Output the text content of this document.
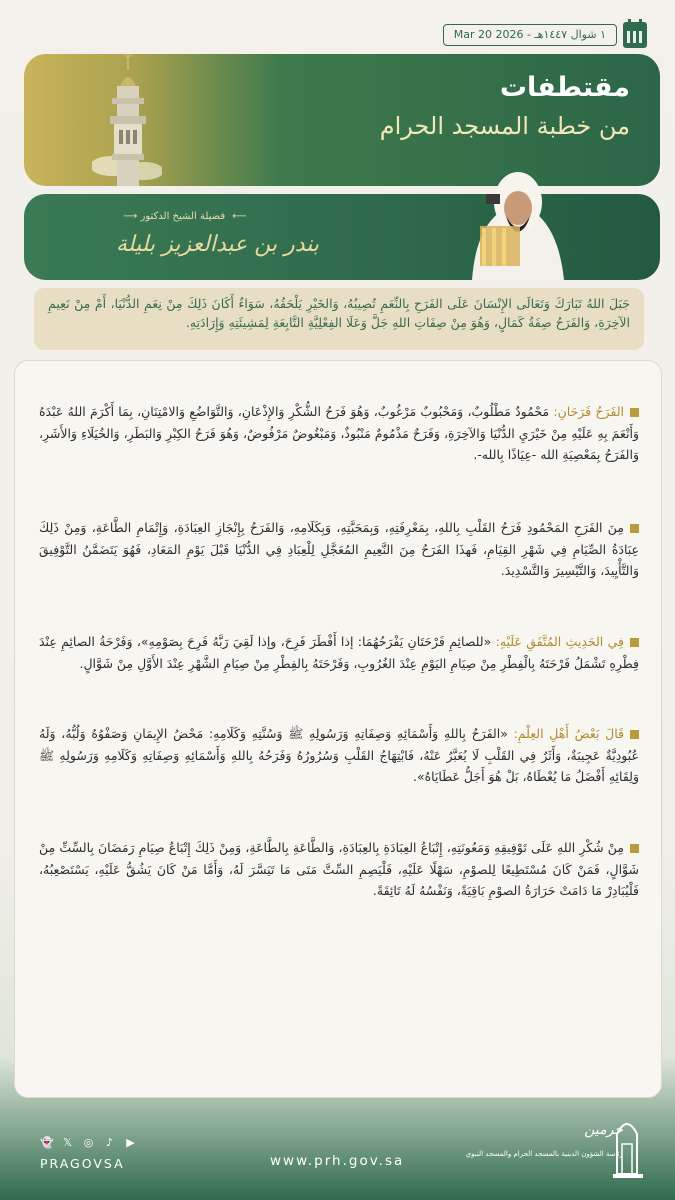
١ شوال ١٤٤٧هـ - 2026 Mar 20
مقتطفات
من خطبة المسجد الحرام
⟵ فضيلة الشيخ الدكتور ⟶
بندر بن عبدالعزيز بليلة
جَبَلَ اللهُ تَبَارَكَ وَتَعَالَى الإِنْسَانَ عَلَى الفَرَحِ بِالنِّعَمِ تُصِيبُهُ، وَالخَيْرِ يَلْحَقُهُ، سَوَاءٌ أَكَانَ ذَلِكَ مِنْ نِعَمِ الدُّنْيَا، أَمْ مِنْ نَعِيمِ الآخِرَةِ، وَالفَرَحُ صِفَةُ كَمَالٍ، وَهُوَ مِنْ صِفَاتِ اللهِ جَلَّ وَعَلَا الفِعْلِيَّةِ التَّابِعَةِ لِمَشِيئَتِهِ وَإِرَادَتِهِ.
الفَرَحُ فَرَحَانِ: مَحْمُودٌ مَطْلُوبٌ، وَمَحْبُوبٌ مَرْغُوبٌ، وَهُوَ فَرَحُ الشُّكْرِ وَالإِذْعَانِ، وَالتَّوَاضُعِ وَالامْتِنَانِ، بِمَا أَكْرَمَ اللهُ عَبْدَهُ وَأَنْعَمَ بِهِ عَلَيْهِ مِنْ خَيْرَيِ الدُّنْيَا وَالآخِرَةِ، وَفَرَحٌ مَذْمُومٌ مَنْبُوذٌ، وَمَبْغُوضٌ مَرْفُوضٌ، وَهُوَ فَرَحُ الكِبْرِ وَالبَطَرِ، وَالخُيَلَاءِ وَالأَشَرِ، وَالفَرَحُ بِمَعْصِيَةِ الله -عِيَاذًا بِالله-.
مِنَ الفَرَحِ المَحْمُودِ فَرَحُ القَلْبِ بِاللهِ، بِمَعْرِفَتِهِ، وَبِمَحَبَّتِهِ، وَبِكَلَامِهِ، وَالفَرَحُ بِإِنْجَازِ العِبَادَةِ، وَإِتْمَامِ الطَّاعَةِ، وَمِنْ ذَلِكَ عِبَادَةُ الصِّيَامِ فِي شَهْرِ القِيَامِ، فَهذَا الفَرَحُ مِنَ النَّعِيمِ المُعَجَّلِ لِلْعِبَادِ فِي الدُّنْيَا قَبْلَ يَوْمِ المَعَادِ، فَهُوَ يَتَضَمَّنُ التَّوْفِيقَ وَالتَّأْيِيدَ، وَالتَّيْسِيرَ وَالتَّسْدِيدَ.
فِي الحَدِيثِ المُتَّفَقِ عَلَيْهِ: «للصائِمِ فَرْحَتَانِ يَفْرَحُهُمَا: إذا أَفْطَرَ فَرِحَ، وإذا لَقِيَ رَبَّهُ فَرِحَ بِصَوْمِهِ»، وَفَرْحَةُ الصائِمِ عِنْدَ فِطْرِهِ تَشْمَلُ فَرْحَتَهُ بِالْفِطْرِ مِنْ صِيَامِ اليَوْمِ عِنْدَ الغُرُوبِ، وَفَرْحَتَهُ بِالفِطْرِ مِنْ صِيَامِ الشَّهْرِ عِنْدَ الأَوَّلِ مِنْ شَوَّالٍ.
قَالَ بَعْضُ أَهْلِ العِلْمِ: «الفَرَحُ بِاللهِ وَأَسْمَائِهِ وَصِفَاتِهِ وَرَسُولِهِ ﷺ وَسُنَّتِهِ وَكَلَامِهِ: مَحْضُ الإِيمَانِ وَصَفْوُهُ وَلُبُّهُ، وَلَهُ عُبُودِيَّةٌ عَجِيبَةٌ، وَأَثَرٌ فِي القَلْبِ لَا يُعَبَّرُ عَنْهُ، فَابْتِهَاجُ القَلْبِ وَسُرُورُهُ وَفَرَحُهُ بِاللهِ وَأَسْمَائِهِ وَصِفَاتِهِ وَكَلَامِهِ وَرَسُولِهِ ﷺ وَلِقَائِهِ أَفْضَلُ مَا يُعْطَاهُ، بَلْ هُوَ أَجَلُّ عَطَايَاهُ».
مِنْ شُكْرِ اللهِ عَلَى تَوْفِيقِهِ وَمَعُونَتِهِ، إِتْبَاعُ العِبَادَةِ بِالعِبَادَةِ، وَالطَّاعَةِ بِالطَّاعَةِ، وَمِنْ ذَلِكَ إِتْبَاعُ صِيَامِ رَمَضَانَ بِالسِّتِّ مِنْ شَوَّالٍ، فَمَنْ كَانَ مُسْتَطِيعًا لِلصوْمِ، سَهْلًا عَلَيْهِ، فَلْيَصِمِ السِّتَّ مَتَى مَا تَيَسَّرَ لَهُ، وَأَمَّا مَنْ كَانَ يَشُقُّ عَلَيْهِ، يَسْتَصْعِبُهُ، فَلْيُبَادِرْ مَا دَامَتْ حَرَارَةُ الصوْمِ بَاقِيَةً، وَنَفْسُهُ لَهُ تَائِقَةً.
👻 𝕏 ◎ ♪ ▶
PRAGOVSA	www.prh.gov.sa
حرمين
رئاسة الشؤون الدينية بالمسجد الحرام والمسجد النبوي
